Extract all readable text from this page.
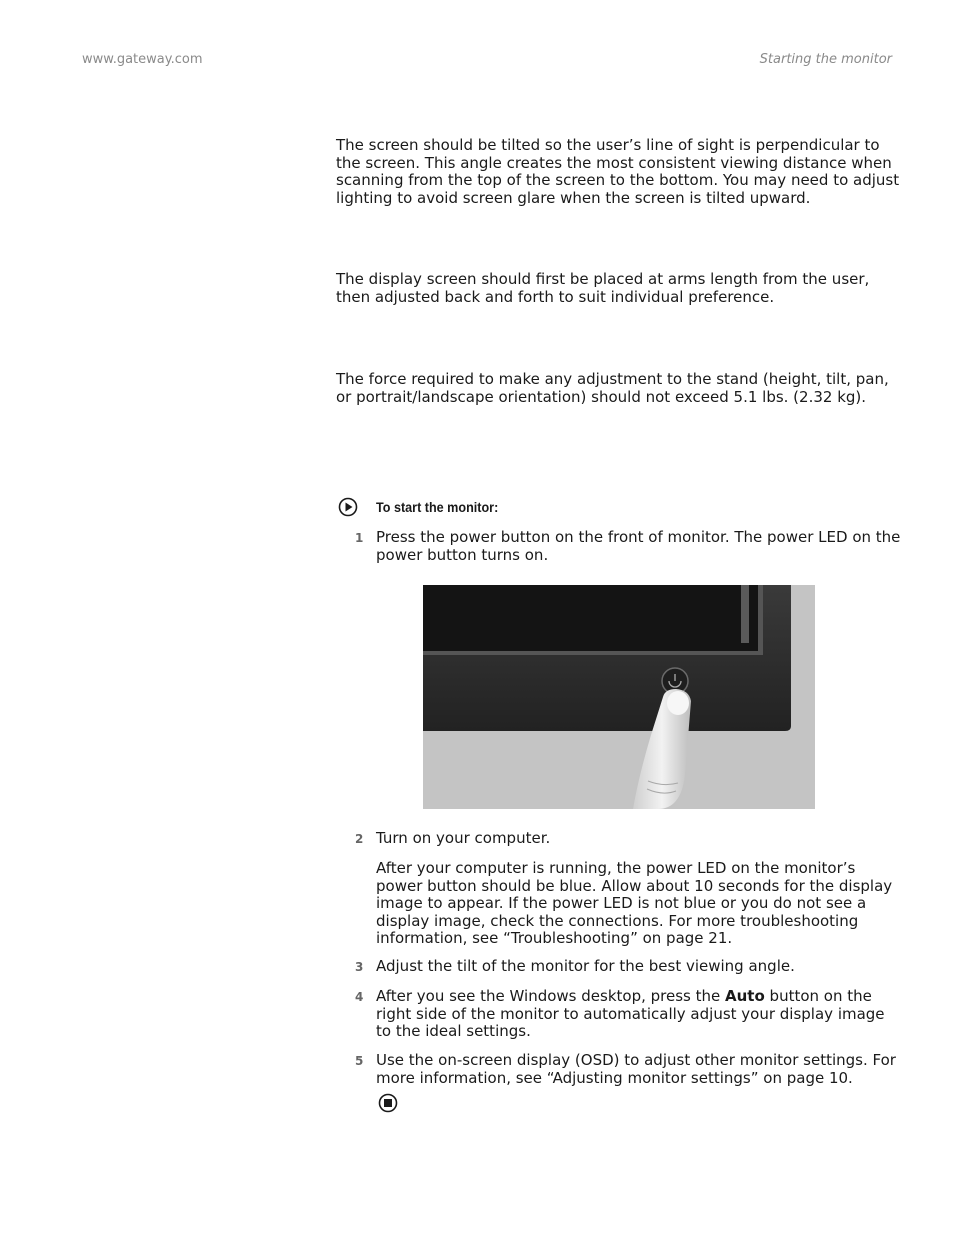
www.gateway.com	Starting the monitor

The screen should be tilted so the user’s line of sight is perpendicular to the screen. This angle creates the most consistent viewing distance when scanning from the top of the screen to the bottom. You may need to adjust lighting to avoid screen glare when the screen is tilted upward.

The display screen should first be placed at arms length from the user, then adjusted back and forth to suit individual preference.

The force required to make any adjustment to the stand (height, tilt, pan, or portrait/landscape orientation) should not exceed 5.1 lbs. (2.32 kg).

To start the monitor:
1 Press the power button on the front of monitor. The power LED on the power button turns on.

2 Turn on your computer.

After your computer is running, the power LED on the monitor’s power button should be blue. Allow about 10 seconds for the display image to appear. If the power LED is not blue or you do not see a display image, check the connections. For more troubleshooting information, see “Troubleshooting” on page 21.

3 Adjust the tilt of the monitor for the best viewing angle.

4 After you see the Windows desktop, press the Auto button on the right side of the monitor to automatically adjust your display image to the ideal settings.

5 Use the on-screen display (OSD) to adjust other monitor settings. For more information, see “Adjusting monitor settings” on page 10.
